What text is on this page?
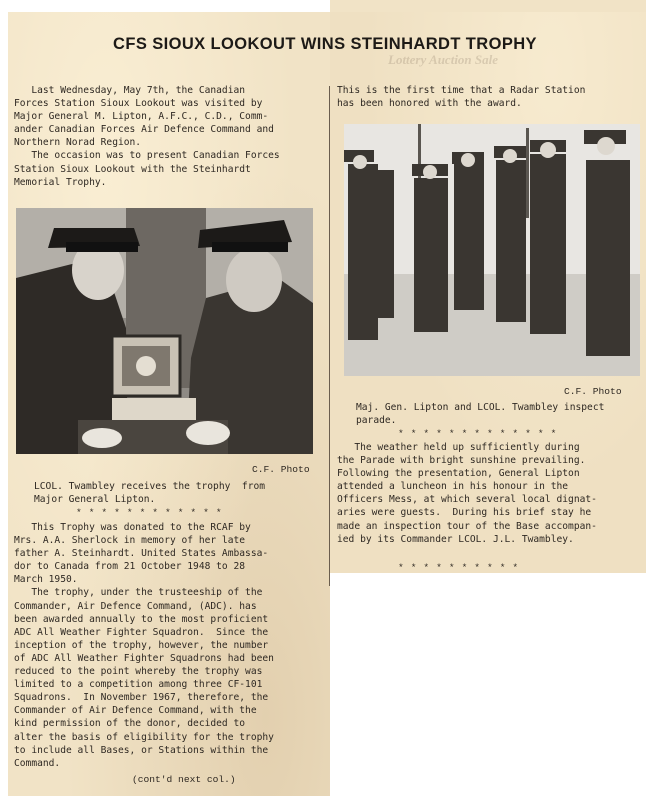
Lottery Auction Sale
CFS SIOUX LOOKOUT WINS STEINHARDT TROPHY
Last Wednesday, May 7th, the Canadian
Forces Station Sioux Lookout was visited by
Major General M. Lipton, A.F.C., C.D., Comm-
ander Canadian Forces Air Defence Command and
Northern Norad Region.
The occasion was to present Canadian Forces
Station Sioux Lookout with the Steinhardt
Memorial Trophy.
C.F. Photo
LCOL. Twambley receives the trophy  from
Major General Lipton.
* * * * * * * * * * * *
This Trophy was donated to the RCAF by
Mrs. A.A. Sherlock in memory of her late
father A. Steinhardt. United States Ambassa-
dor to Canada from 21 October 1948 to 28
March 1950.
The trophy, under the trusteeship of the
Commander, Air Defence Command, (ADC). has
been awarded annually to the most proficient
ADC All Weather Fighter Squadron.  Since the
inception of the trophy, however, the number
of ADC All Weather Fighter Squadrons had been
reduced to the point whereby the trophy was
limited to a competition among three CF-101
Squadrons.  In November 1967, therefore, the
Commander of Air Defence Command, with the
kind permission of the donor, decided to
alter the basis of eligibility for the trophy
to include all Bases, or Stations within the
Command.
(cont'd next col.)
This is the first time that a Radar Station
has been honored with the award.
C.F. Photo
Maj. Gen. Lipton and LCOL. Twambley inspect
parade.
* * * * * * * * * * * * *
The weather held up sufficiently during
the Parade with bright sunshine prevailing.
Following the presentation, General Lipton
attended a luncheon in his honour in the
Officers Mess, at which several local dignat-
aries were guests.  During his brief stay he
made an inspection tour of the Base accompan-
ied by its Commander LCOL. J.L. Twambley.
* * * * * * * * * *
